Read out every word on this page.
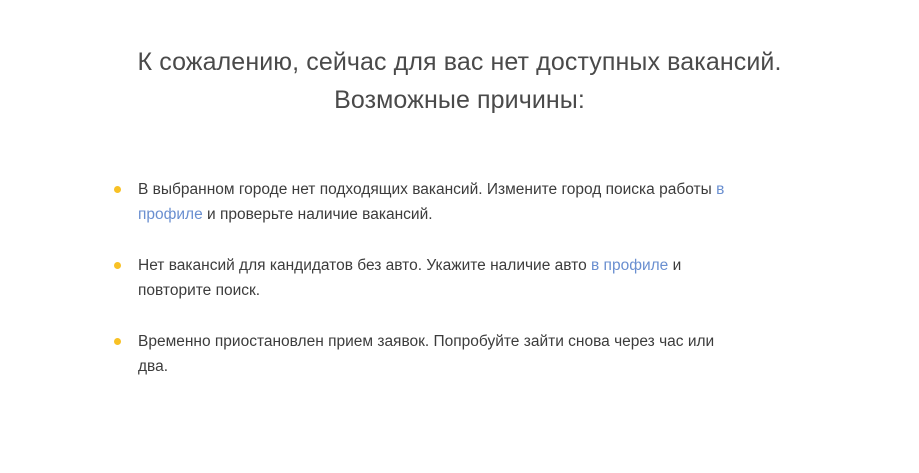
К сожалению, сейчас для вас нет доступных вакансий.
Возможные причины:
В выбранном городе нет подходящих вакансий. Измените город поиска работы в профиле и проверьте наличие вакансий.
Нет вакансий для кандидатов без авто. Укажите наличие авто в профиле и повторите поиск.
Временно приостановлен прием заявок. Попробуйте зайти снова через час или два.
